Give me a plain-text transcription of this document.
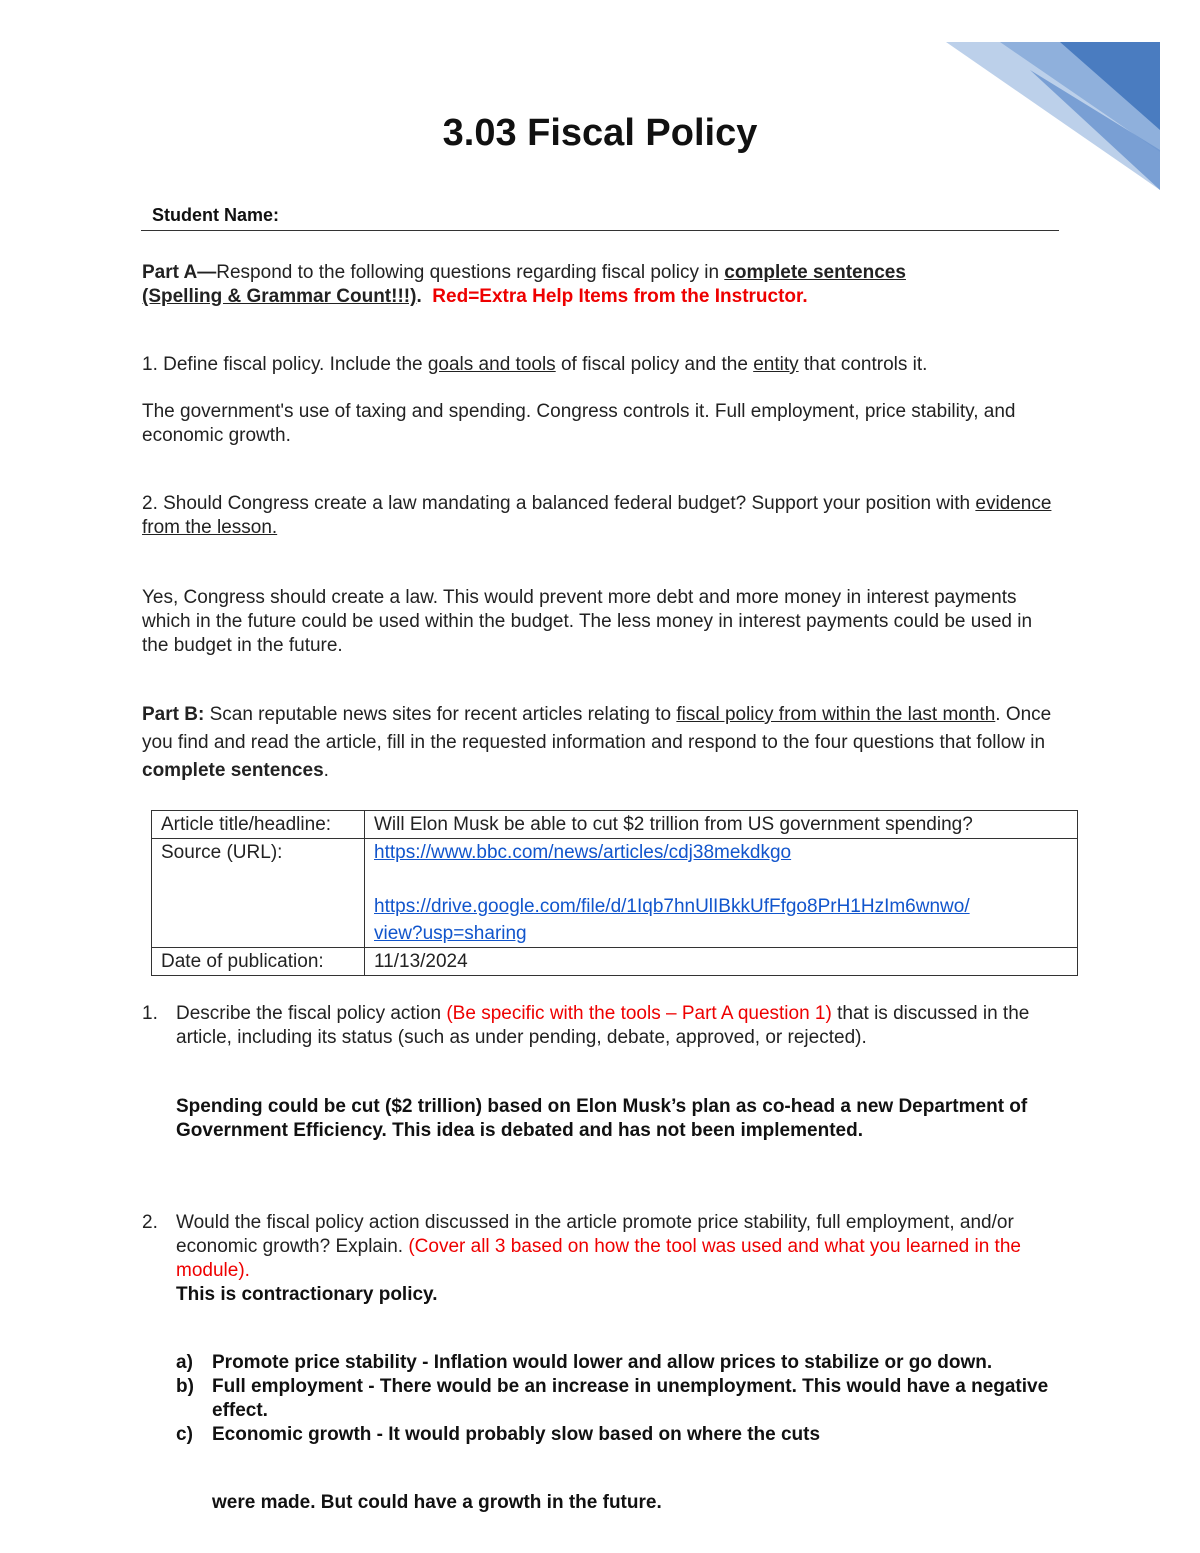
3.03 Fiscal Policy
Student Name:
Part A—Respond to the following questions regarding fiscal policy in complete sentences
(Spelling & Grammar Count!!!). Red=Extra Help Items from the Instructor.
1. Define fiscal policy. Include the goals and tools of fiscal policy and the entity that controls it.
The government's use of taxing and spending. Congress controls it. Full employment, price stability, and economic growth.
2. Should Congress create a law mandating a balanced federal budget? Support your position with evidence from the lesson.
Yes, Congress should create a law. This would prevent more debt and more money in interest payments which in the future could be used within the budget. The less money in interest payments could be used in the budget in the future.
Part B: Scan reputable news sites for recent articles relating to fiscal policy from within the last month. Once you find and read the article, fill in the requested information and respond to the four questions that follow in complete sentences.
Article title/headline:	Will Elon Musk be able to cut $2 trillion from US government spending?
Source (URL):	https://www.bbc.com/news/articles/cdj38mekdkgo

https://drive.google.com/file/d/1Iqb7hnUlIBkkUfFfgo8PrH1HzIm6wnwo/
view?usp=sharing
Date of publication:	11/13/2024
1. Describe the fiscal policy action (Be specific with the tools – Part A question 1) that is discussed in the article, including its status (such as under pending, debate, approved, or rejected).
Spending could be cut ($2 trillion) based on Elon Musk’s plan as co-head a new Department of Government Efficiency. This idea is debated and has not been implemented.
2. Would the fiscal policy action discussed in the article promote price stability, full employment, and/or economic growth? Explain. (Cover all 3 based on how the tool was used and what you learned in the module).
This is contractionary policy.
a) Promote price stability - Inflation would lower and allow prices to stabilize or go down.
b) Full employment - There would be an increase in unemployment. This would have a negative effect.
c) Economic growth - It would probably slow based on where the cuts
were made. But could have a growth in the future.
